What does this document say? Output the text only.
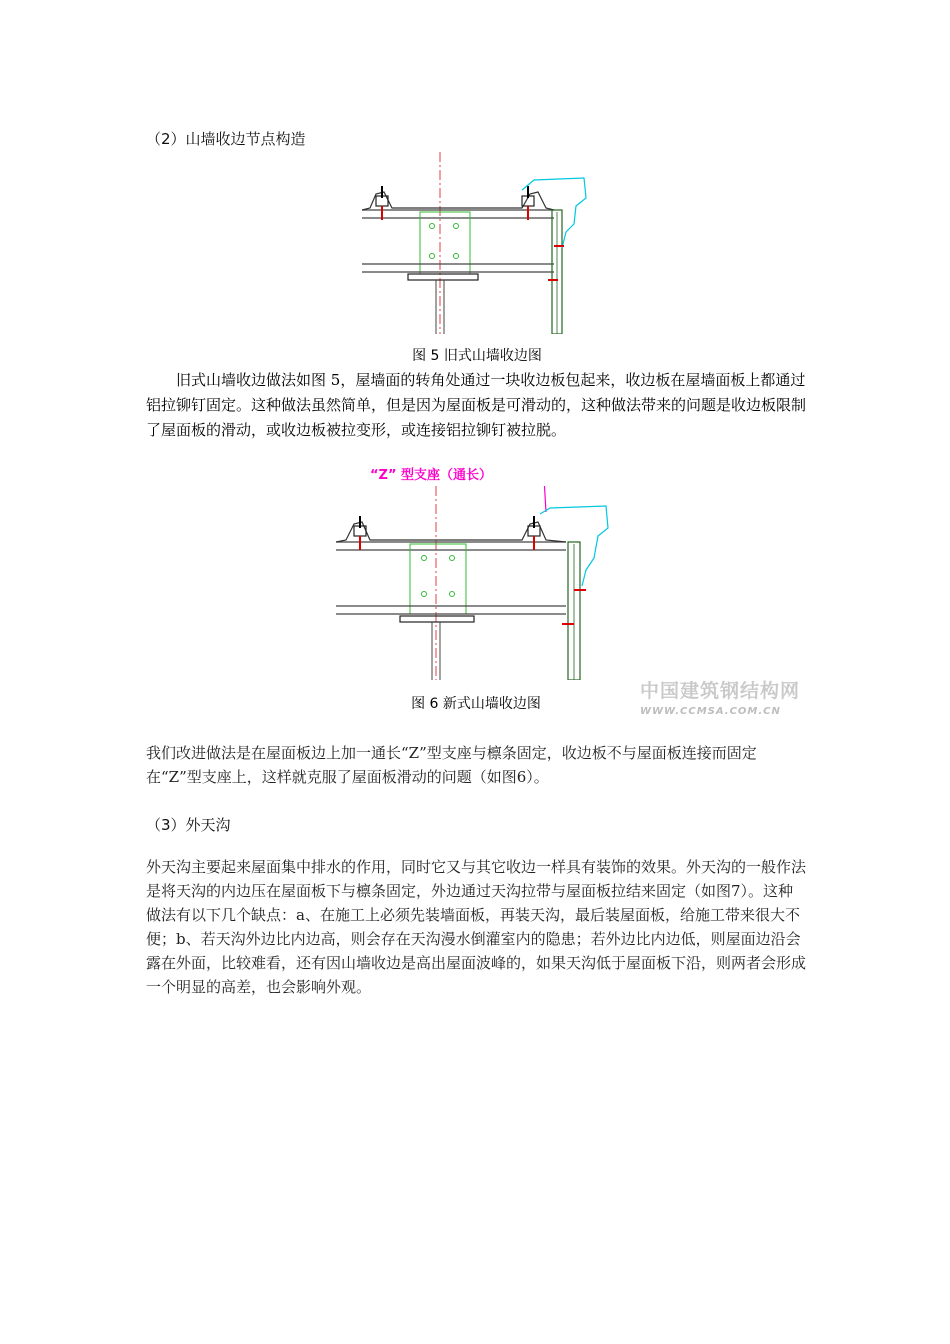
（2）山墙收边节点构造
图 5 旧式山墙收边图
旧式山墙收边做法如图 5，屋墙面的转角处通过一块收边板包起来，收边板在屋墙面板上都通过铝拉铆钉固定。这种做法虽然简单，但是因为屋面板是可滑动的，这种做法带来的问题是收边板限制了屋面板的滑动，或收边板被拉变形，或连接铝拉铆钉被拉脱。
“Z” 型支座（通长）
图 6 新式山墙收边图
中国建筑钢结构网
WWW.CCMSA.COM.CN
我们改进做法是在屋面板边上加一通长“Z”型支座与檩条固定，收边板不与屋面板连接而固定在“Z”型支座上，这样就克服了屋面板滑动的问题（如图6）。
（3）外天沟
外天沟主要起来屋面集中排水的作用，同时它又与其它收边一样具有装饰的效果。外天沟的一般作法是将天沟的内边压在屋面板下与檩条固定，外边通过天沟拉带与屋面板拉结来固定（如图7）。这种做法有以下几个缺点：a、在施工上必须先装墙面板，再装天沟，最后装屋面板，给施工带来很大不便；b、若天沟外边比内边高，则会存在天沟漫水倒灌室内的隐患；若外边比内边低，则屋面边沿会露在外面，比较难看，还有因山墙收边是高出屋面波峰的，如果天沟低于屋面板下沿，则两者会形成一个明显的高差，也会影响外观。
